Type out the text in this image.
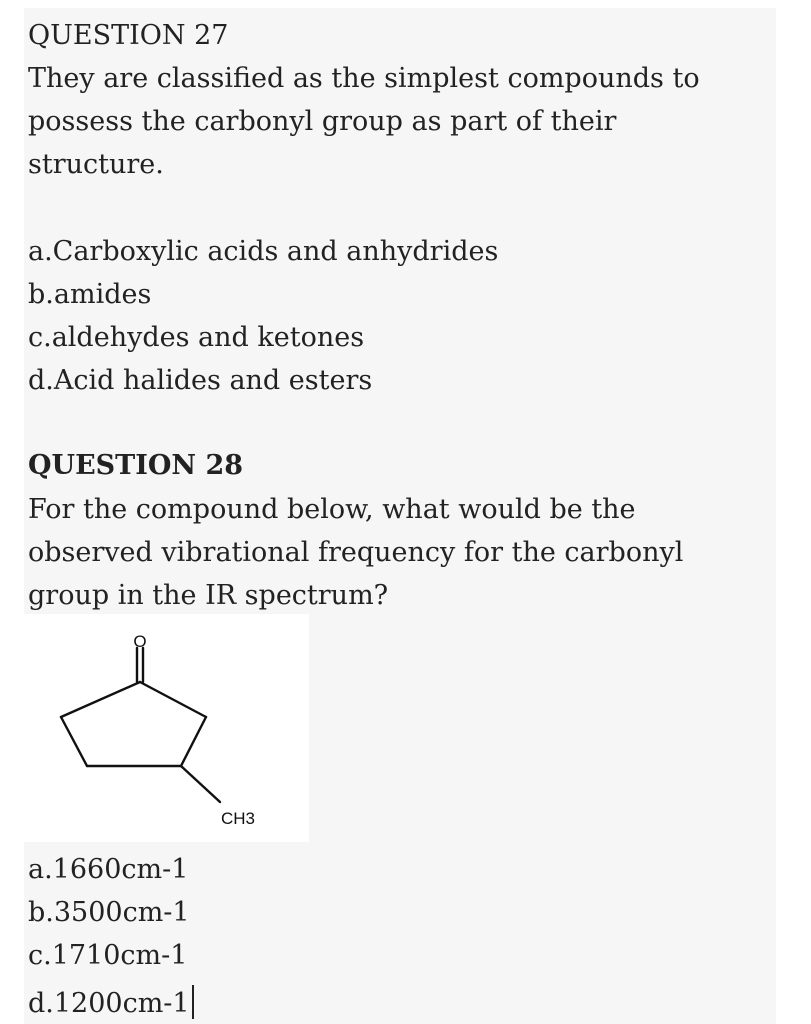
QUESTION 27
They are classified as the simplest compounds to
possess the carbonyl group as part of their
structure.
a.Carboxylic acids and anhydrides
b.amides
c.aldehydes and ketones
d.Acid halides and esters
QUESTION 28
For the compound below, what would be the
observed vibrational frequency for the carbonyl
group in the IR spectrum?
O
CH3
a.1660cm-1
b.3500cm-1
c.1710cm-1
d.1200cm-1
